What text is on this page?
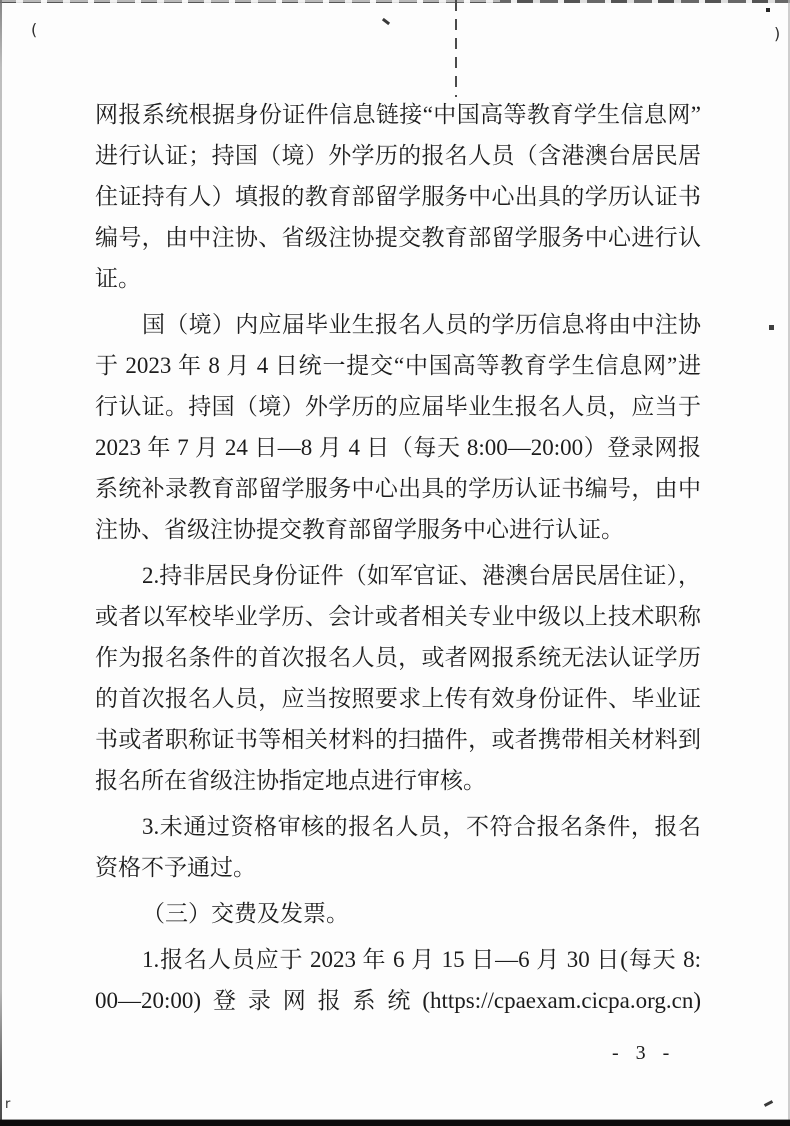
(	)
r
网报系统根据身份证件信息链接“中国高等教育学生信息网”
进行认证；持国（境）外学历的报名人员（含港澳台居民居
住证持有人）填报的教育部留学服务中心出具的学历认证书
编号，由中注协、省级注协提交教育部留学服务中心进行认
证。
国（境）内应届毕业生报名人员的学历信息将由中注协
于 2023 年 8 月 4 日统一提交“中国高等教育学生信息网”进
行认证。持国（境）外学历的应届毕业生报名人员，应当于
2023 年 7 月 24 日—8 月 4 日（每天 8:00—20:00）登录网报
系统补录教育部留学服务中心出具的学历认证书编号，由中
注协、省级注协提交教育部留学服务中心进行认证。
2.持非居民身份证件（如军官证、港澳台居民居住证），
或者以军校毕业学历、会计或者相关专业中级以上技术职称
作为报名条件的首次报名人员，或者网报系统无法认证学历
的首次报名人员，应当按照要求上传有效身份证件、毕业证
书或者职称证书等相关材料的扫描件，或者携带相关材料到
报名所在省级注协指定地点进行审核。
3.未通过资格审核的报名人员，不符合报名条件，报名
资格不予通过。
（三）交费及发票。
1.报名人员应于 2023 年 6 月 15 日—6 月 30 日(每天 8:
00—20:00)登录网报系统(https://cpaexam.cicpa.org.cn)
- 3 -
